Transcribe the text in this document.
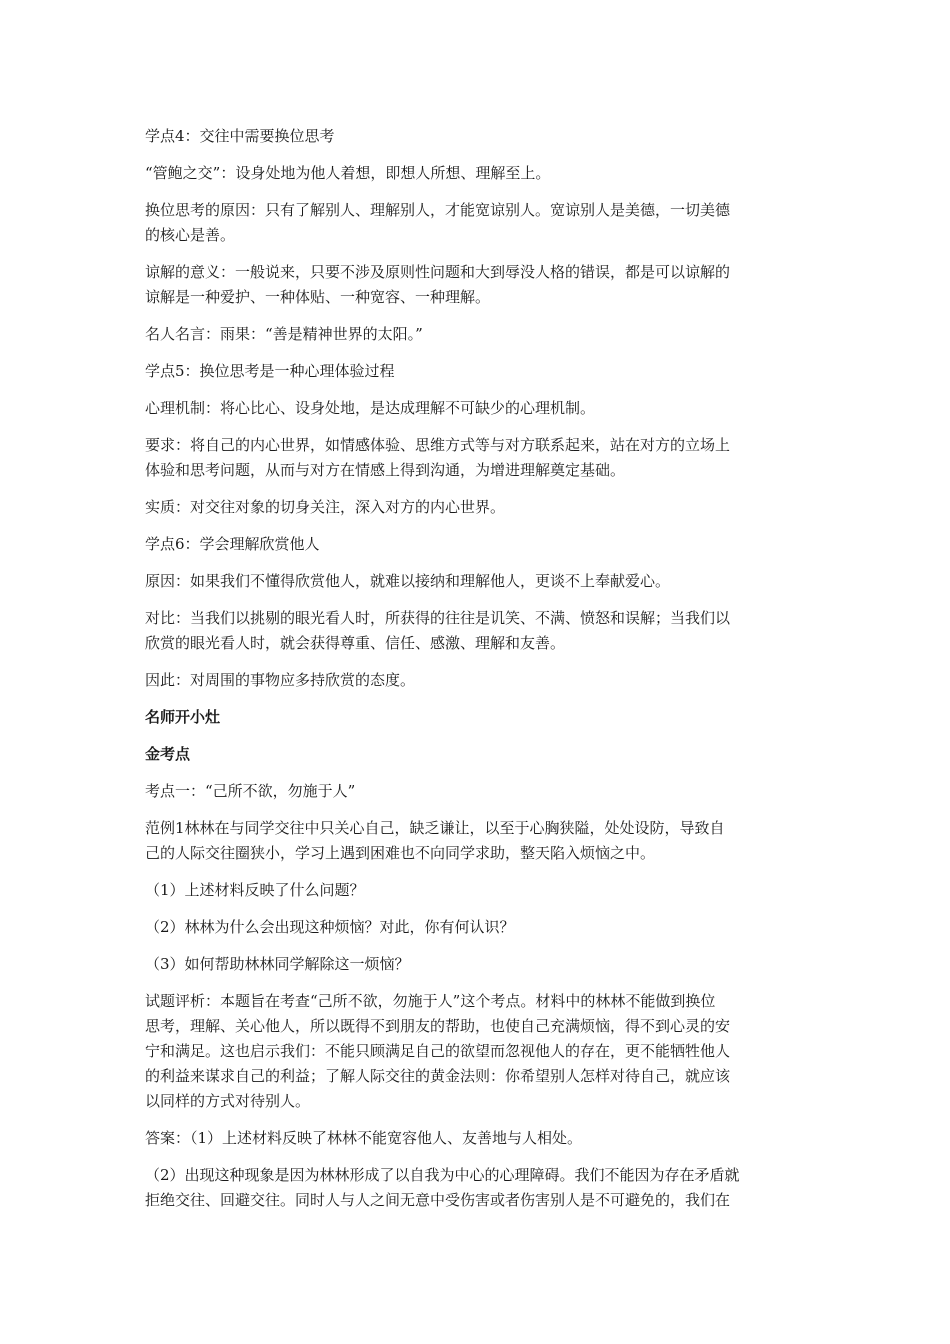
学点4：交往中需要换位思考
“管鲍之交”：设身处地为他人着想，即想人所想、理解至上。
换位思考的原因：只有了解别人、理解别人，才能宽谅别人。宽谅别人是美德，一切美德
的核心是善。
谅解的意义：一般说来，只要不涉及原则性问题和大到辱没人格的错误，都是可以谅解的
谅解是一种爱护、一种体贴、一种宽容、一种理解。
名人名言：雨果：“善是精神世界的太阳。”
学点5：换位思考是一种心理体验过程
心理机制：将心比心、设身处地，是达成理解不可缺少的心理机制。
要求：将自己的内心世界，如情感体验、思维方式等与对方联系起来，站在对方的立场上
体验和思考问题，从而与对方在情感上得到沟通，为增进理解奠定基础。
实质：对交往对象的切身关注，深入对方的内心世界。
学点6：学会理解欣赏他人
原因：如果我们不懂得欣赏他人，就难以接纳和理解他人，更谈不上奉献爱心。
对比：当我们以挑剔的眼光看人时，所获得的往往是讥笑、不满、愤怒和误解；当我们以
欣赏的眼光看人时，就会获得尊重、信任、感激、理解和友善。
因此：对周围的事物应多持欣赏的态度。
名师开小灶
金考点
考点一：“己所不欲，勿施于人”
范例1林林在与同学交往中只关心自己，缺乏谦让，以至于心胸狭隘，处处设防，导致自
己的人际交往圈狭小，学习上遇到困难也不向同学求助，整天陷入烦恼之中。
（1）上述材料反映了什么问题？
（2）林林为什么会出现这种烦恼？对此，你有何认识？
（3）如何帮助林林同学解除这一烦恼？
试题评析：本题旨在考查“己所不欲，勿施于人”这个考点。材料中的林林不能做到换位
思考，理解、关心他人，所以既得不到朋友的帮助，也使自己充满烦恼，得不到心灵的安
宁和满足。这也启示我们：不能只顾满足自己的欲望而忽视他人的存在，更不能牺牲他人
的利益来谋求自己的利益；了解人际交往的黄金法则：你希望别人怎样对待自己，就应该
以同样的方式对待别人。
答案：（1）上述材料反映了林林不能宽容他人、友善地与人相处。
（2）出现这种现象是因为林林形成了以自我为中心的心理障碍。我们不能因为存在矛盾就
拒绝交往、回避交往。同时人与人之间无意中受伤害或者伤害别人是不可避免的，我们在
